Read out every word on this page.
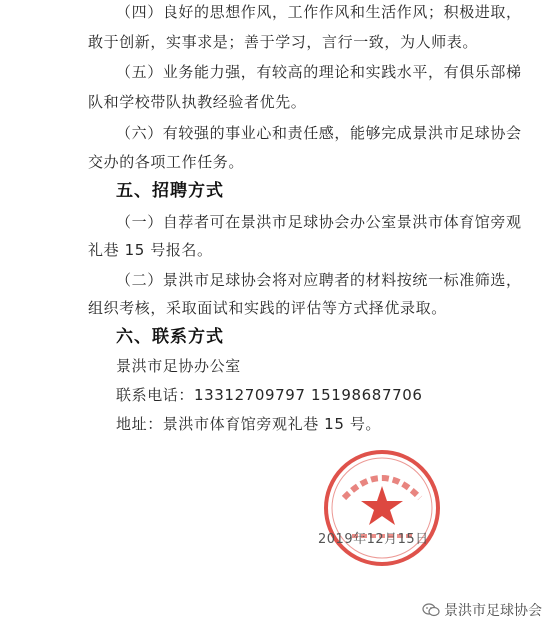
（四）良好的思想作风，工作作风和生活作风；积极进取，
敢于创新，实事求是；善于学习，言行一致，为人师表。
（五）业务能力强，有较高的理论和实践水平，有俱乐部梯
队和学校带队执教经验者优先。
（六）有较强的事业心和责任感，能够完成景洪市足球协会
交办的各项工作任务。
五、招聘方式
（一）自荐者可在景洪市足球协会办公室景洪市体育馆旁观
礼巷 15 号报名。
（二）景洪市足球协会将对应聘者的材料按统一标准筛选，
组织考核，采取面试和实践的评估等方式择优录取。
六、联系方式
景洪市足协办公室
联系电话：13312709797 15198687706
地址：景洪市体育馆旁观礼巷 15 号。
2019年12月15日
景洪市足球协会
